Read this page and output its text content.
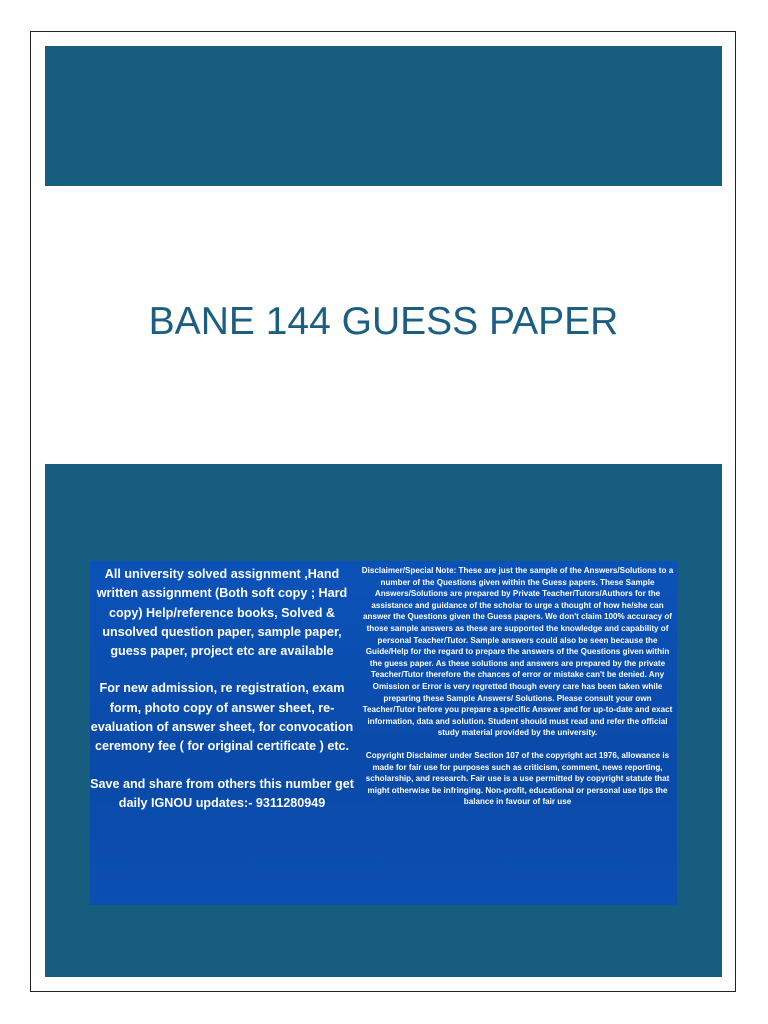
BANE 144 GUESS PAPER

All university solved assignment ,Hand written assignment (Both soft copy ; Hard copy) Help/reference books, Solved & unsolved question paper, sample paper, guess paper, project etc are available

For new admission, re registration, exam form, photo copy of answer sheet, re-evaluation of answer sheet, for convocation ceremony fee ( for original certificate ) etc.

Save and share from others this number get daily IGNOU updates:- 9311280949

Disclaimer/Special Note: These are just the sample of the Answers/Solutions to a number of the Questions given within the Guess papers. These Sample Answers/Solutions are prepared by Private Teacher/Tutors/Authors for the assistance and guidance of the scholar to urge a thought of how he/she can answer the Questions given the Guess papers. We don't claim 100% accuracy of those sample answers as these are supported the knowledge and capability of personal Teacher/Tutor. Sample answers could also be seen because the Guide/Help for the regard to prepare the answers of the Questions given within the guess paper. As these solutions and answers are prepared by the private Teacher/Tutor therefore the chances of error or mistake can't be denied. Any Omission or Error is very regretted though every care has been taken while preparing these Sample Answers/ Solutions. Please consult your own Teacher/Tutor before you prepare a specific Answer and for up-to-date and exact information, data and solution. Student should must read and refer the official study material provided by the university.

Copyright Disclaimer under Section 107 of the copyright act 1976, allowance is made for fair use for purposes such as criticism, comment, news reporting, scholarship, and research. Fair use is a use permitted by copyright statute that might otherwise be infringing. Non-profit, educational or personal use tips the balance in favour of fair use
